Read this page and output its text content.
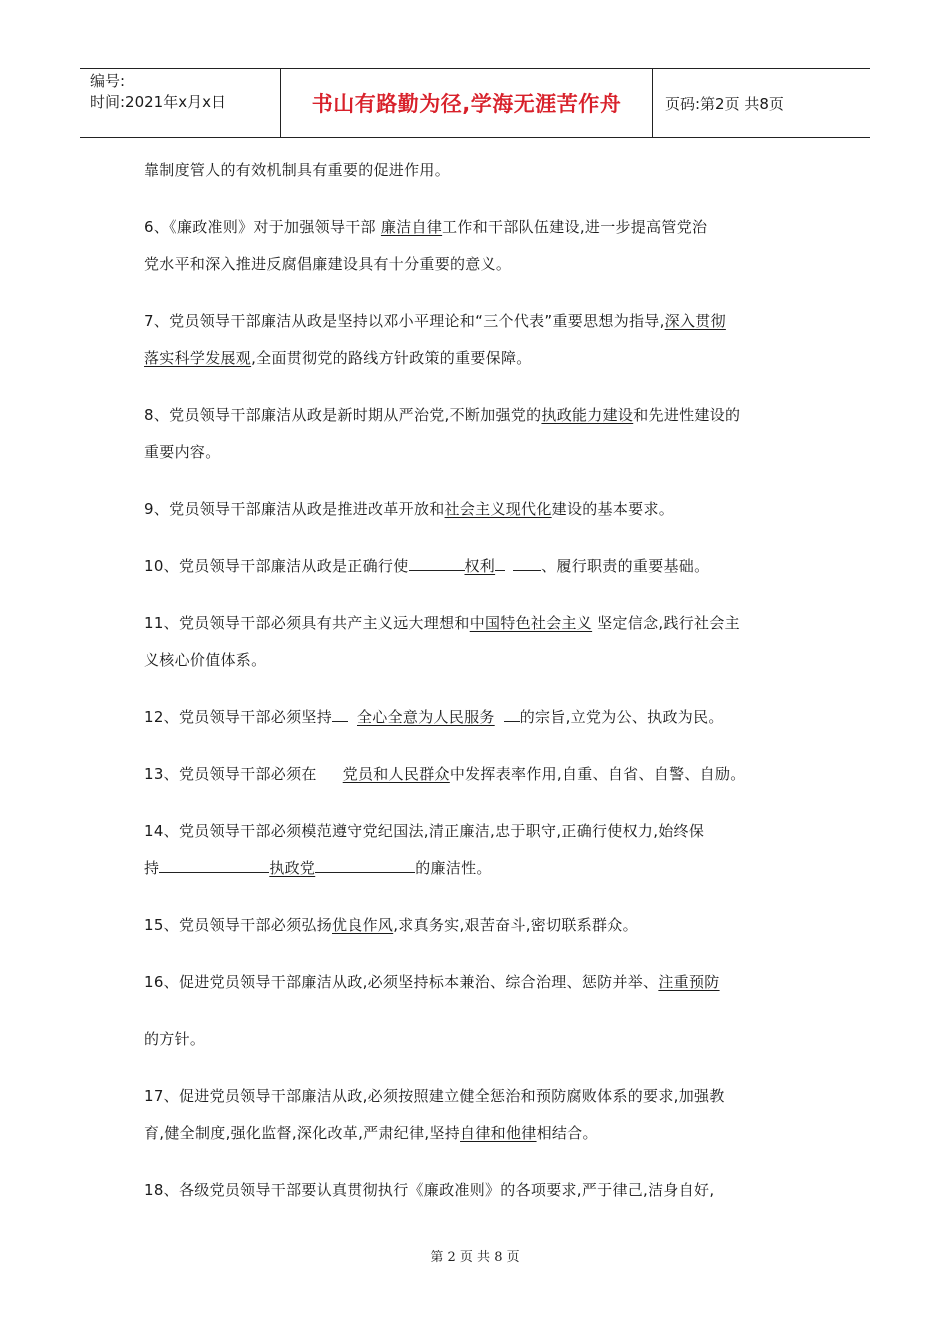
编号:
时间:2021年x月x日	书山有路勤为径,学海无涯苦作舟	页码:第2页 共8页

靠制度管人的有效机制具有重要的促进作用。

6、《廉政准则》对于加强领导干部 廉洁自律工作和干部队伍建设,进一步提高管党治

党水平和深入推进反腐倡廉建设具有十分重要的意义。

7、党员领导干部廉洁从政是坚持以邓小平理论和“三个代表”重要思想为指导,深入贯彻

落实科学发展观,全面贯彻党的路线方针政策的重要保障。

8、党员领导干部廉洁从政是新时期从严治党,不断加强党的执政能力建设和先进性建设的

重要内容。

9、党员领导干部廉洁从政是推进改革开放和社会主义现代化建设的基本要求。

10、党员领导干部廉洁从政是正确行使	权利	、履行职责的重要基础。

11、党员领导干部必须具有共产主义远大理想和中国特色社会主义 坚定信念,践行社会主

义核心价值体系。

12、党员领导干部必须坚持 全心全意为人民服务 的宗旨,立党为公、执政为民。

13、党员领导干部必须在 党员和人民群众中发挥表率作用,自重、自省、自警、自励。

14、党员领导干部必须模范遵守党纪国法,清正廉洁,忠于职守,正确行使权力,始终保

持	执政党	的廉洁性。

15、党员领导干部必须弘扬优良作风,求真务实,艰苦奋斗,密切联系群众。

16、促进党员领导干部廉洁从政,必须坚持标本兼治、综合治理、惩防并举、注重预防

的方针。

17、促进党员领导干部廉洁从政,必须按照建立健全惩治和预防腐败体系的要求,加强教

育,健全制度,强化监督,深化改革,严肃纪律,坚持自律和他律相结合。

18、各级党员领导干部要认真贯彻执行《廉政准则》的各项要求,严于律己,洁身自好,

第 2 页 共 8 页
